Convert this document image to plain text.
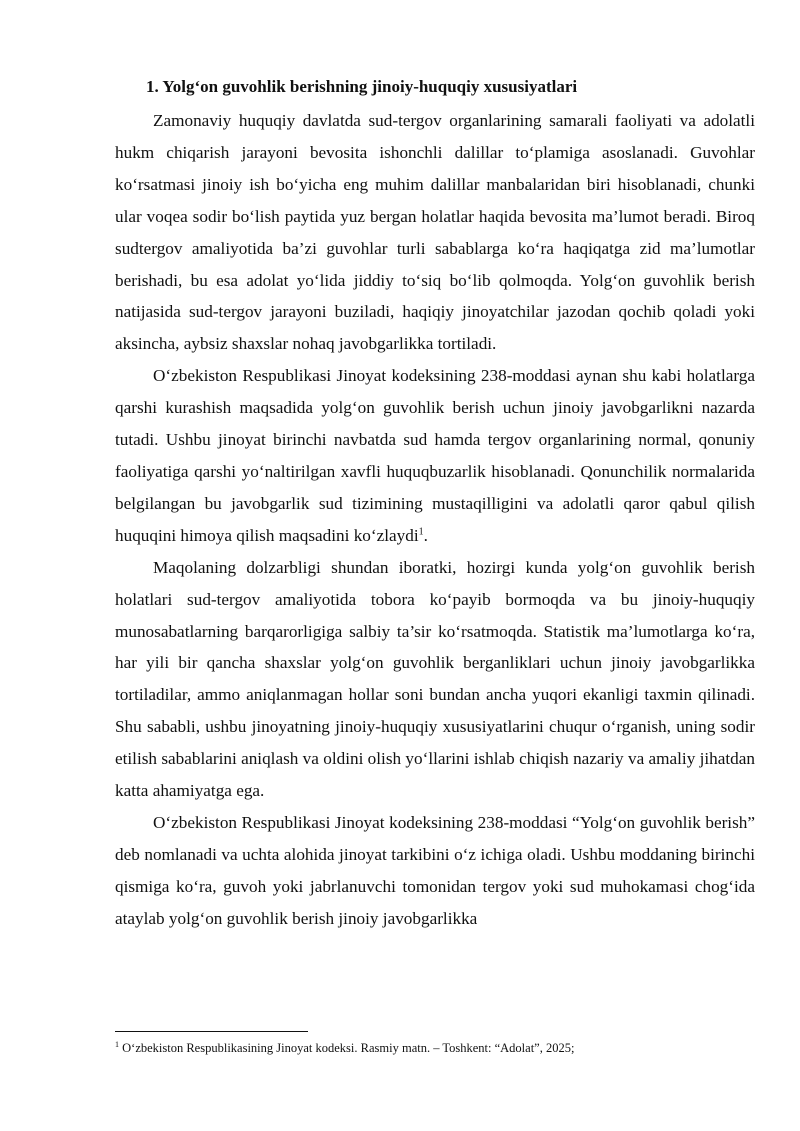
1. Yolg‘on guvohlik berishning jinoiy-huquqiy xususiyatlari

Zamonaviy huquqiy davlatda sud-tergov organlarining samarali faoliyati va adolatli hukm chiqarish jarayoni bevosita ishonchli dalillar to‘plamiga asoslanadi. Guvohlar ko‘rsatmasi jinoiy ish bo‘yicha eng muhim dalillar manbalaridan biri hisoblanadi, chunki ular voqea sodir bo‘lish paytida yuz bergan holatlar haqida bevosita ma’lumot beradi. Biroq sudtergov amaliyotida ba’zi guvohlar turli sabablarga ko‘ra haqiqatga zid ma’lumotlar berishadi, bu esa adolat yo‘lida jiddiy to‘siq bo‘lib qolmoqda. Yolg‘on guvohlik berish natijasida sud-tergov jarayoni buziladi, haqiqiy jinoyatchilar jazodan qochib qoladi yoki aksincha, aybsiz shaxslar nohaq javobgarlikka tortiladi.

O‘zbekiston Respublikasi Jinoyat kodeksining 238-moddasi aynan shu kabi holatlarga qarshi kurashish maqsadida yolg‘on guvohlik berish uchun jinoiy javobgarlikni nazarda tutadi. Ushbu jinoyat birinchi navbatda sud hamda tergov organlarining normal, qonuniy faoliyatiga qarshi yo‘naltirilgan xavfli huquqbuzarlik hisoblanadi. Qonunchilik normalarida belgilangan bu javobgarlik sud tizimining mustaqilligini va adolatli qaror qabul qilish huquqini himoya qilish maqsadini ko‘zlaydi$^1$.

Maqolaning dolzarbligi shundan iboratki, hozirgi kunda yolg‘on guvohlik berish holatlari sud-tergov amaliyotida tobora ko‘payib bormoqda va bu jinoiy-huquqiy munosabatlarning barqarorligiga salbiy ta’sir ko‘rsatmoqda. Statistik ma’lumotlarga ko‘ra, har yili bir qancha shaxslar yolg‘on guvohlik berganliklari uchun jinoiy javobgarlikka tortiladilar, ammo aniqlanmagan hollar soni bundan ancha yuqori ekanligi taxmin qilinadi. Shu sababli, ushbu jinoyatning jinoiy-huquqiy xususiyatlarini chuqur o‘rganish, uning sodir etilish sabablarini aniqlash va oldini olish yo‘llarini ishlab chiqish nazariy va amaliy jihatdan katta ahamiyatga ega.

O‘zbekiston Respublikasi Jinoyat kodeksining 238-moddasi “Yolg‘on guvohlik berish” deb nomlanadi va uchta alohida jinoyat tarkibini o‘z ichiga oladi. Ushbu moddaning birinchi qismiga ko‘ra, guvoh yoki jabrlanuvchi tomonidan tergov yoki sud muhokamasi chog‘ida ataylab yolg‘on guvohlik berish jinoiy javobgarlikka

$^1$ O‘zbekiston Respublikasining Jinoyat kodeksi. Rasmiy matn. – Toshkent: “Adolat”, 2025;
